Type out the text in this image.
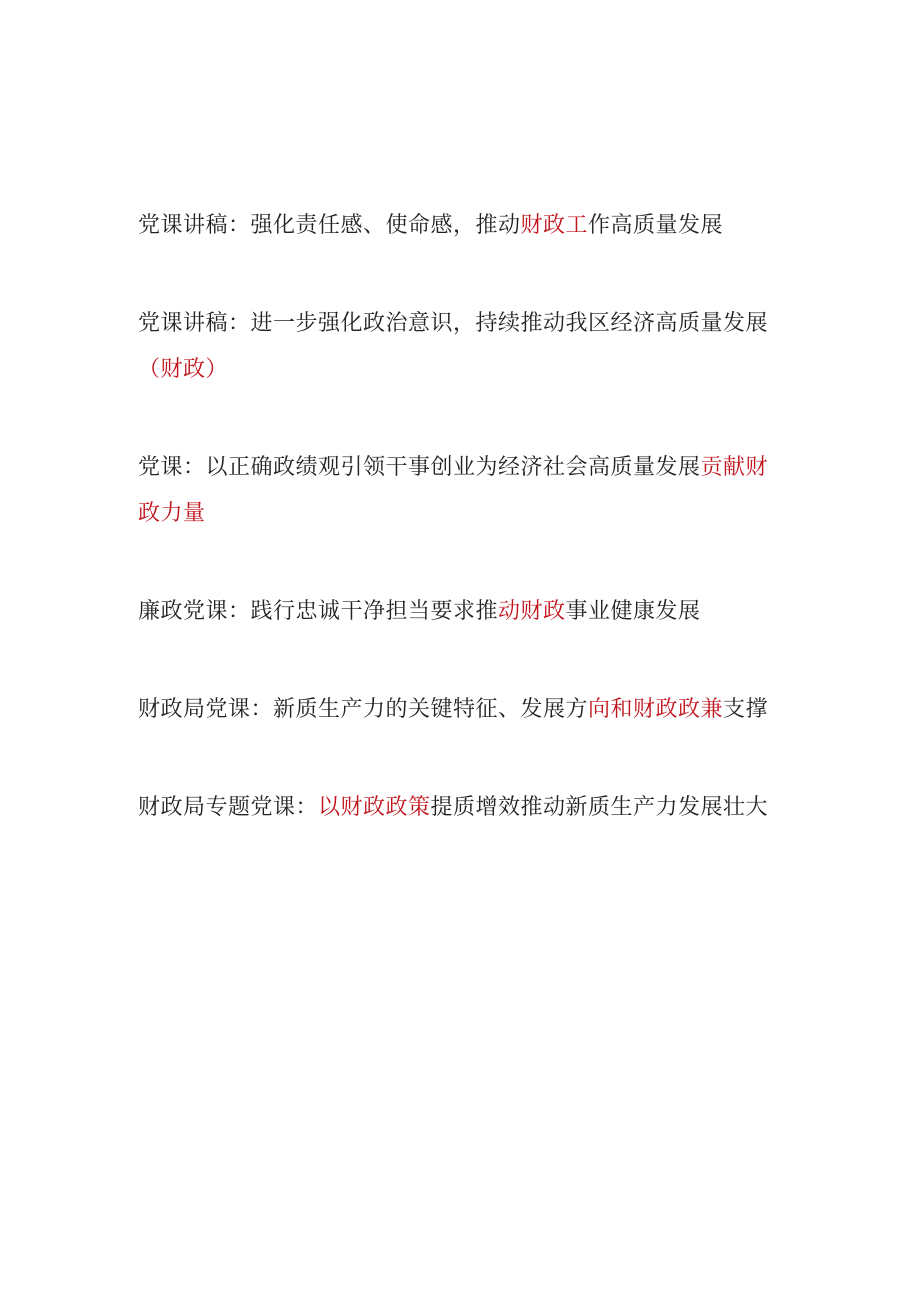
党课讲稿：强化责任感、使命感，推动财政工作高质量发展

党课讲稿：进一步强化政治意识，持续推动我区经济高质量发展（财政）

党课：以正确政绩观引领干事创业为经济社会高质量发展贡献财政力量

廉政党课：践行忠诚干净担当要求推动财政事业健康发展

财政局党课：新质生产力的关键特征、发展方向和财政政兼支撑

财政局专题党课：以财政政策提质增效推动新质生产力发展壮大
